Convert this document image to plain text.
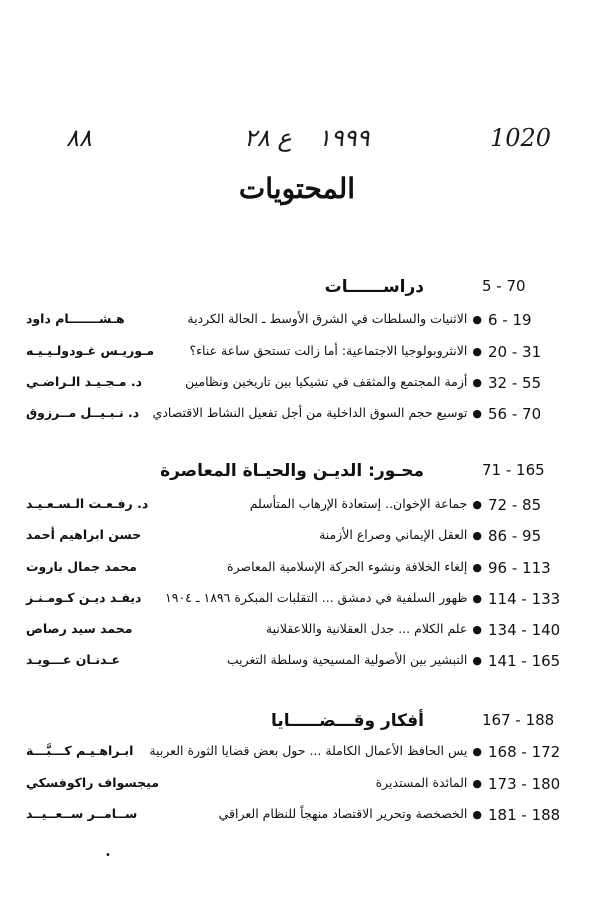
1020
١٩٩٩
ع ٢٨
٨٨
المحتويات
5 - 70
دراســــــات
6 - 19
●الاثنيات والسلطات في الشرق الأوسط ـ الحالة الكردية
هـشـــــــام داود
20 - 31
●الانثروبولوجيا الاجتماعية: أما زالت تستحق ساعة عناء؟
مـوريـس غـودولـيـيـه
32 - 55
●أزمة المجتمع والمثقف في تشيكيا بين تاريخين ونظامين
د. مـجـيـد الـراضـي
56 - 70
●توسيع حجم السوق الداخلية من أجل تفعيل النشاط الاقتصادي
د. نـبـيــل مــرزوق
71 - 165
محـور: الديـن والحيـاة المعاصرة
72 - 85
●جماعة الإخوان.. إستعادة الإرهاب المتأسلم
د. رفـعـت الـسـعـيـد
86 - 95
●العقل الإيماني وصراع الأزمنة
حسن ابراهيم أحمد
96 - 113
●إلغاء الخلافة ونشوء الحركة الإسلامية المعاصرة
محمد جمال باروت
114 - 133
●ظهور السلفية في دمشق ... التقلبات المبكرة ١٨٩٦ ـ ١٩٠٤
ديفـد ديـن كـومـنـز
134 - 140
●علم الكلام ... جدل العقلانية واللاعقلانية
محمد سيد رصاص
141 - 165
●التبشير بين الأصولية المسيحية وسلطة التغريب
عـدنـان عـــويـد
167 - 188
أفكار وقـــضـــــايا
168 - 172
●يس الحافظ الأعمال الكاملة ... حول بعض قضايا الثورة العربية
ابـراهـيـم كـــبَّـــة
173 - 180
●المائدة المستديرة
ميجسواف راكوفسكي
181 - 188
●الخصخصة وتحرير الاقتصاد منهجاً للنظام العراقي
ســامــر ســعــيــد
•
